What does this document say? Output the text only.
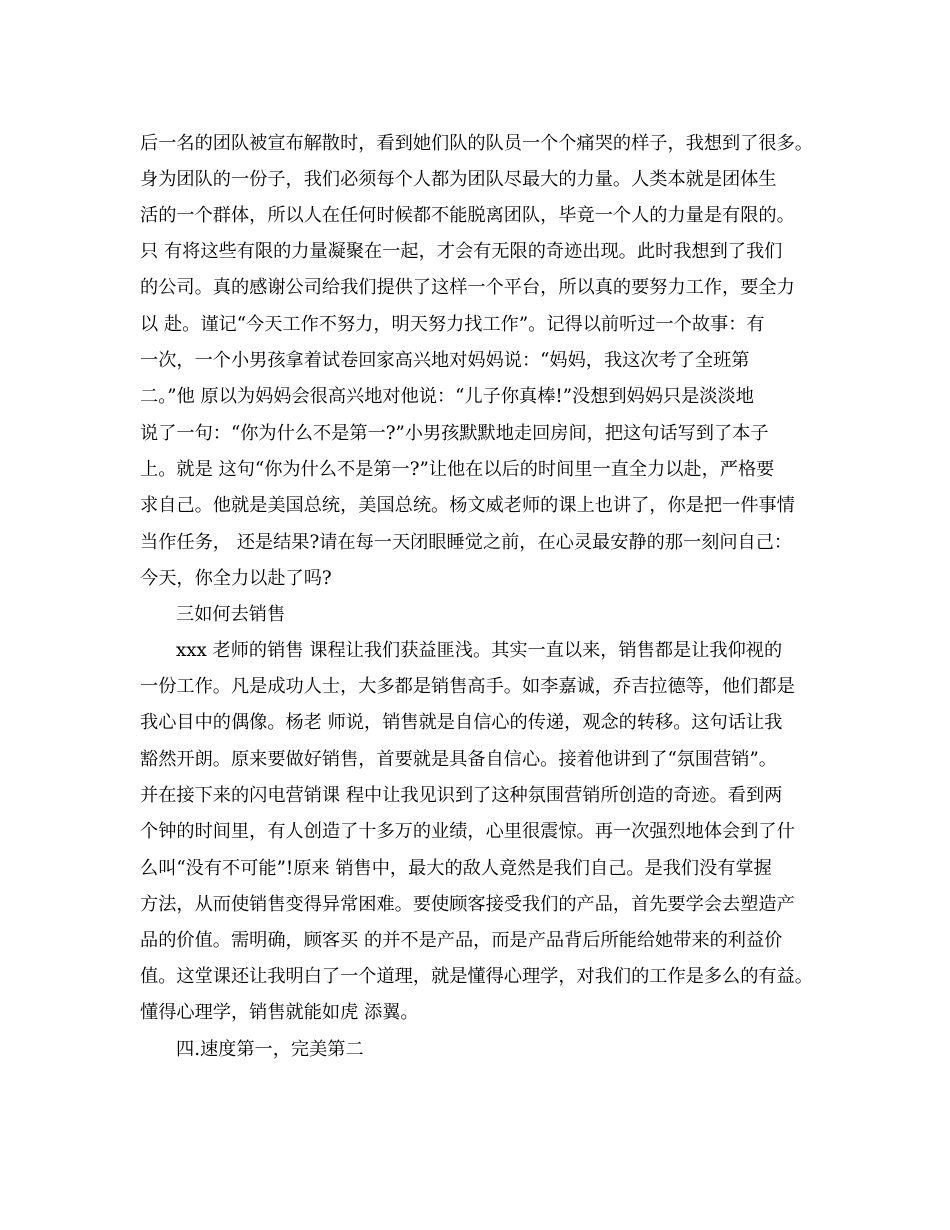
后一名的团队被宣布解散时，看到她们队的队员一个个痛哭的样子，我想到了很多。
身为团队的一份子，我们必须每个人都为团队尽最大的力量。人类本就是团体生
活的一个群体，所以人在任何时候都不能脱离团队，毕竟一个人的力量是有限的。
只 有将这些有限的力量凝聚在一起，才会有无限的奇迹出现。此时我想到了我们
的公司。真的感谢公司给我们提供了这样一个平台，所以真的要努力工作，要全力
以 赴。谨记“今天工作不努力，明天努力找工作”。记得以前听过一个故事：有
一次，一个小男孩拿着试卷回家高兴地对妈妈说：“妈妈，我这次考了全班第
二。”他 原以为妈妈会很高兴地对他说：“儿子你真棒!”没想到妈妈只是淡淡地
说了一句：“你为什么不是第一?”小男孩默默地走回房间，把这句话写到了本子
上。就是 这句“你为什么不是第一?”让他在以后的时间里一直全力以赴，严格要
求自己。他就是美国总统，美国总统。杨文威老师的课上也讲了，你是把一件事情
当作任务， 还是结果?请在每一天闭眼睡觉之前，在心灵最安静的那一刻问自己：
今天，你全力以赴了吗?
三如何去销售
xxx 老师的销售 课程让我们获益匪浅。其实一直以来，销售都是让我仰视的
一份工作。凡是成功人士，大多都是销售高手。如李嘉诚，乔吉拉德等，他们都是
我心目中的偶像。杨老 师说，销售就是自信心的传递，观念的转移。这句话让我
豁然开朗。原来要做好销售，首要就是具备自信心。接着他讲到了“氛围营销”。
并在接下来的闪电营销课 程中让我见识到了这种氛围营销所创造的奇迹。看到两
个钟的时间里，有人创造了十多万的业绩，心里很震惊。再一次强烈地体会到了什
么叫“没有不可能”!原来 销售中，最大的敌人竟然是我们自己。是我们没有掌握
方法，从而使销售变得异常困难。要使顾客接受我们的产品，首先要学会去塑造产
品的价值。需明确，顾客买 的并不是产品，而是产品背后所能给她带来的利益价
值。这堂课还让我明白了一个道理，就是懂得心理学，对我们的工作是多么的有益。
懂得心理学，销售就能如虎 添翼。
四.速度第一，完美第二
